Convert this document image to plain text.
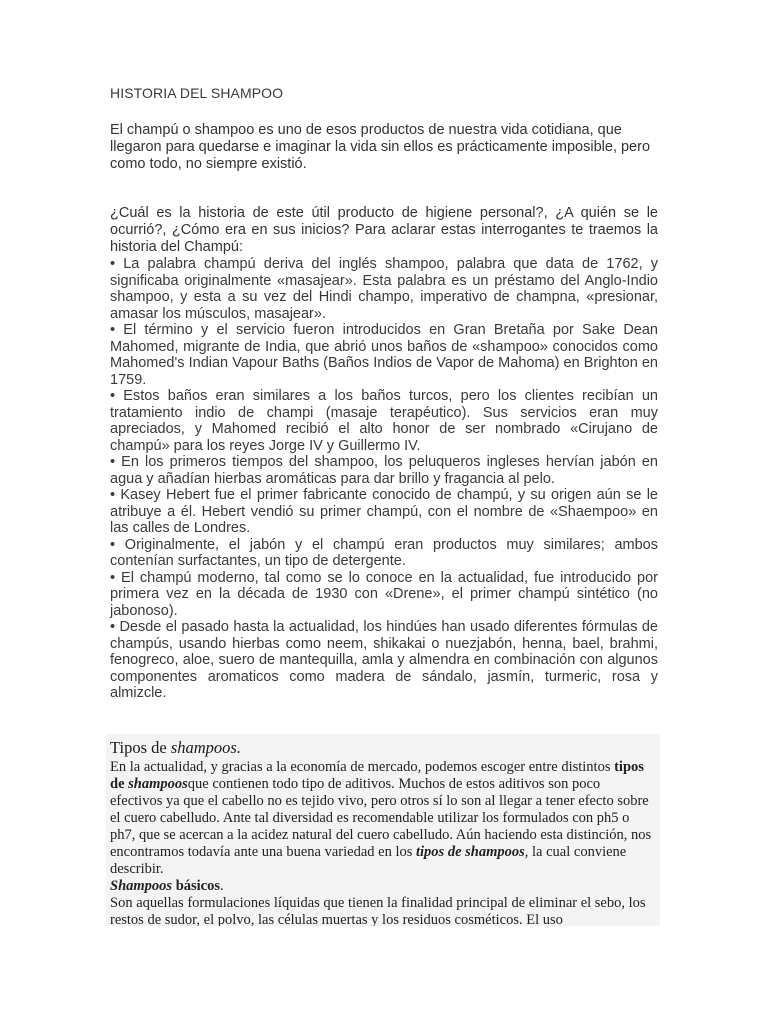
HISTORIA DEL SHAMPOO

El champú o shampoo es uno de esos productos de nuestra vida cotidiana, que llegaron para quedarse e imaginar la vida sin ellos es prácticamente imposible, pero como todo, no siempre existió.

¿Cuál es la historia de este útil producto de higiene personal?, ¿A quién se le ocurrió?, ¿Cómo era en sus inicios? Para aclarar estas interrogantes te traemos la historia del Champú:

• La palabra champú deriva del inglés shampoo, palabra que data de 1762, y significaba originalmente «masajear». Esta palabra es un préstamo del Anglo-Indio shampoo, y esta a su vez del Hindi champo, imperativo de champna, «presionar, amasar los músculos, masajear».
• El término y el servicio fueron introducidos en Gran Bretaña por Sake Dean Mahomed, migrante de India, que abrió unos baños de «shampoo» conocidos como Mahomed's Indian Vapour Baths (Baños Indios de Vapor de Mahoma) en Brighton en 1759.
• Estos baños eran similares a los baños turcos, pero los clientes recibían un tratamiento indio de champi (masaje terapéutico). Sus servicios eran muy apreciados, y Mahomed recibió el alto honor de ser nombrado «Cirujano de champú» para los reyes Jorge IV y Guillermo IV.
• En los primeros tiempos del shampoo, los peluqueros ingleses hervían jabón en agua y añadían hierbas aromáticas para dar brillo y fragancia al pelo.
• Kasey Hebert fue el primer fabricante conocido de champú, y su origen aún se le atribuye a él. Hebert vendió su primer champú, con el nombre de «Shaempoo» en las calles de Londres.
• Originalmente, el jabón y el champú eran productos muy similares; ambos contenían surfactantes, un tipo de detergente.
• El champú moderno, tal como se lo conoce en la actualidad, fue introducido por primera vez en la década de 1930 con «Drene», el primer champú sintético (no jabonoso).
• Desde el pasado hasta la actualidad, los hindúes han usado diferentes fórmulas de champús, usando hierbas como neem, shikakai o nuezjabón, henna, bael, brahmi, fenogreco, aloe, suero de mantequilla, amla y almendra en combinación con algunos componentes aromaticos como madera de sándalo, jasmín, turmeric, rosa y almizcle.
Tipos de shampoos.

En la actualidad, y gracias a la economía de mercado, podemos escoger entre distintos tipos de shampoosque contienen todo tipo de aditivos. Muchos de estos aditivos son poco efectivos ya que el cabello no es tejido vivo, pero otros sí lo son al llegar a tener efecto sobre el cuero cabelludo. Ante tal diversidad es recomendable utilizar los formulados con ph5 o ph7, que se acercan a la acidez natural del cuero cabelludo. Aún haciendo esta distinción, nos encontramos todavía ante una buena variedad en los tipos de shampoos, la cual conviene describir.

Shampoos básicos.

Son aquellas formulaciones líquidas que tienen la finalidad principal de eliminar el sebo, los restos de sudor, el polvo, las células muertas y los residuos cosméticos. El uso
